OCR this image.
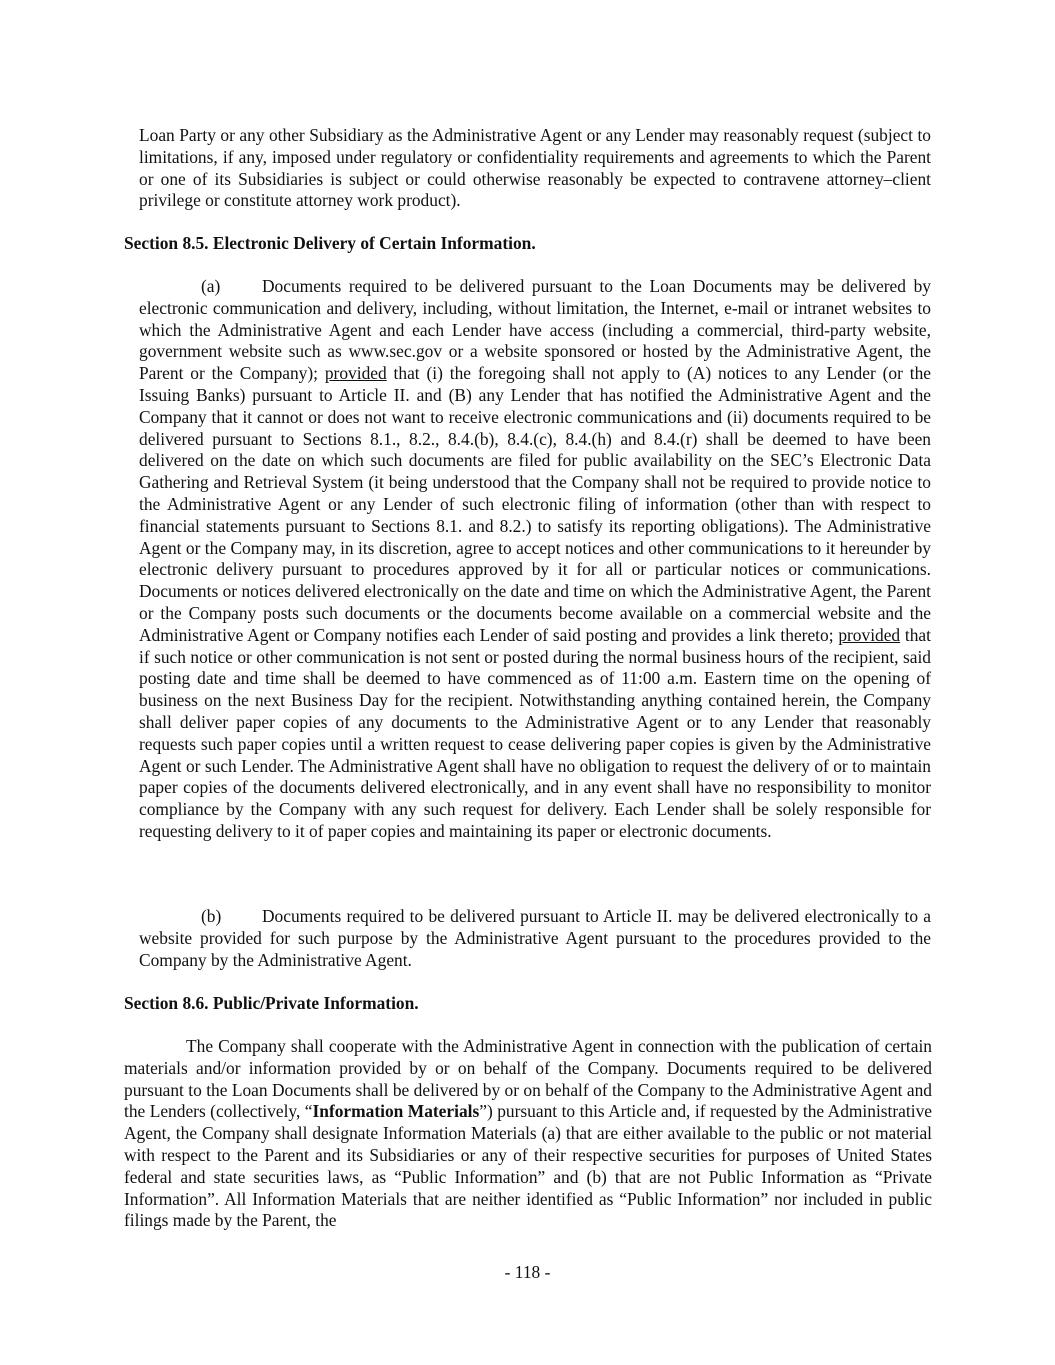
Loan Party or any other Subsidiary as the Administrative Agent or any Lender may reasonably request (subject to limitations, if any, imposed under regulatory or confidentiality requirements and agreements to which the Parent or one of its Subsidiaries is subject or could otherwise reasonably be expected to contravene attorney–client privilege or constitute attorney work product).

Section 8.5. Electronic Delivery of Certain Information.

(a) Documents required to be delivered pursuant to the Loan Documents may be delivered by electronic communication and delivery, including, without limitation, the Internet, e-mail or intranet websites to which the Administrative Agent and each Lender have access (including a commercial, third-party website, government website such as www.sec.gov or a website sponsored or hosted by the Administrative Agent, the Parent or the Company); provided that (i) the foregoing shall not apply to (A) notices to any Lender (or the Issuing Banks) pursuant to Article II. and (B) any Lender that has notified the Administrative Agent and the Company that it cannot or does not want to receive electronic communications and (ii) documents required to be delivered pursuant to Sections 8.1., 8.2., 8.4.(b), 8.4.(c), 8.4.(h) and 8.4.(r) shall be deemed to have been delivered on the date on which such documents are filed for public availability on the SEC’s Electronic Data Gathering and Retrieval System (it being understood that the Company shall not be required to provide notice to the Administrative Agent or any Lender of such electronic filing of information (other than with respect to financial statements pursuant to Sections 8.1. and 8.2.) to satisfy its reporting obligations). The Administrative Agent or the Company may, in its discretion, agree to accept notices and other communications to it hereunder by electronic delivery pursuant to procedures approved by it for all or particular notices or communications. Documents or notices delivered electronically on the date and time on which the Administrative Agent, the Parent or the Company posts such documents or the documents become available on a commercial website and the Administrative Agent or Company notifies each Lender of said posting and provides a link thereto; provided that if such notice or other communication is not sent or posted during the normal business hours of the recipient, said posting date and time shall be deemed to have commenced as of 11:00 a.m. Eastern time on the opening of business on the next Business Day for the recipient. Notwithstanding anything contained herein, the Company shall deliver paper copies of any documents to the Administrative Agent or to any Lender that reasonably requests such paper copies until a written request to cease delivering paper copies is given by the Administrative Agent or such Lender. The Administrative Agent shall have no obligation to request the delivery of or to maintain paper copies of the documents delivered electronically, and in any event shall have no responsibility to monitor compliance by the Company with any such request for delivery. Each Lender shall be solely responsible for requesting delivery to it of paper copies and maintaining its paper or electronic documents.

(b) Documents required to be delivered pursuant to Article II. may be delivered electronically to a website provided for such purpose by the Administrative Agent pursuant to the procedures provided to the Company by the Administrative Agent.

Section 8.6. Public/Private Information.

The Company shall cooperate with the Administrative Agent in connection with the publication of certain materials and/or information provided by or on behalf of the Company. Documents required to be delivered pursuant to the Loan Documents shall be delivered by or on behalf of the Company to the Administrative Agent and the Lenders (collectively, “Information Materials”) pursuant to this Article and, if requested by the Administrative Agent, the Company shall designate Information Materials (a) that are either available to the public or not material with respect to the Parent and its Subsidiaries or any of their respective securities for purposes of United States federal and state securities laws, as “Public Information” and (b) that are not Public Information as “Private Information”. All Information Materials that are neither identified as “Public Information” nor included in public filings made by the Parent, the

- 118 -
